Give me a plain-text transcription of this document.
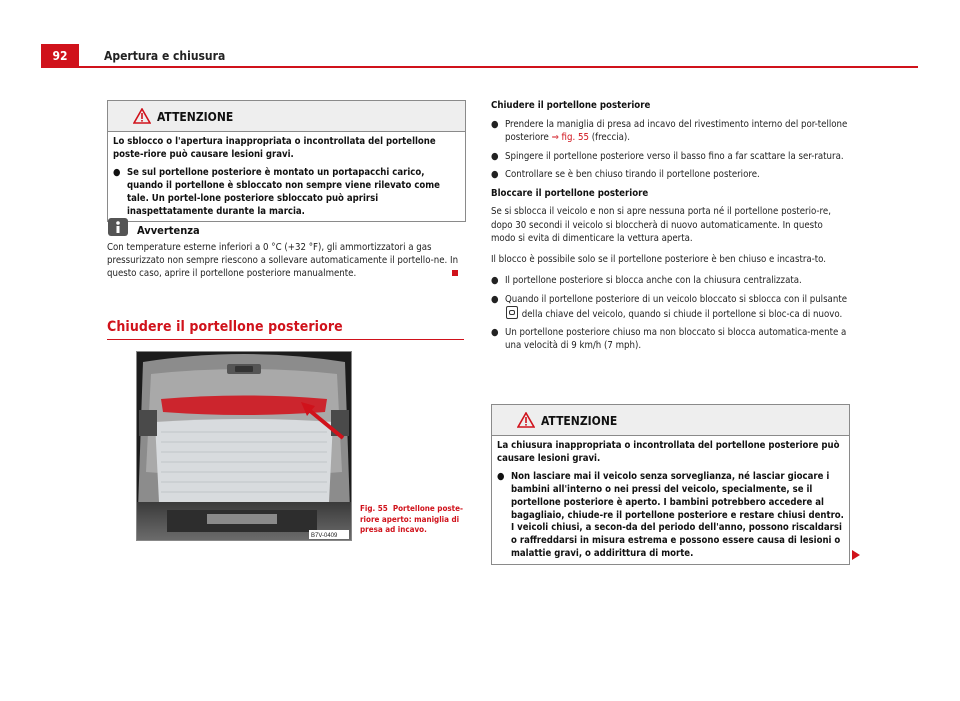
92	Apertura e chiusura
ATTENZIONE

Lo sblocco o l'apertura inappropriata o incontrollata del portellone poste-riore può causare lesioni gravi.

● Se sul portellone posteriore è montato un portapacchi carico, quando il portellone è sbloccato non sempre viene rilevato come tale. Un portel-lone posteriore sbloccato può aprirsi inaspettatamente durante la marcia.

Avvertenza
Con temperature esterne inferiori a 0 °C (+32 °F), gli ammortizzatori a gas pressurizzato non sempre riescono a sollevare automaticamente il portello-ne. In questo caso, aprire il portellone posteriore manualmente.
Chiudere il portellone posteriore
B7V-0409
Fig. 55 Portellone poste-riore aperto: maniglia di presa ad incavo.

Chiudere il portellone posteriore

● Prendere la maniglia di presa ad incavo del rivestimento interno del por-tellone posteriore ⇒ fig. 55 (freccia).

● Spingere il portellone posteriore verso il basso fino a far scattare la ser-ratura.

● Controllare se è ben chiuso tirando il portellone posteriore.

Bloccare il portellone posteriore

Se si sblocca il veicolo e non si apre nessuna porta né il portellone posterio-re, dopo 30 secondi il veicolo si bloccherà di nuovo automaticamente. In questo modo si evita di dimenticare la vettura aperta.

Il blocco è possibile solo se il portellone posteriore è ben chiuso e incastra-to.

● Il portellone posteriore si blocca anche con la chiusura centralizzata.

● Quando il portellone posteriore di un veicolo bloccato si sblocca con il pulsante  della chiave del veicolo, quando si chiude il portellone si bloc-ca di nuovo.

● Un portellone posteriore chiuso ma non bloccato si blocca automatica-mente a una velocità di 9 km/h (7 mph).

ATTENZIONE

La chiusura inappropriata o incontrollata del portellone posteriore può causare lesioni gravi.

● Non lasciare mai il veicolo senza sorveglianza, né lasciar giocare i bambini all'interno o nei pressi del veicolo, specialmente, se il portellone posteriore è aperto. I bambini potrebbero accedere al bagagliaio, chiude-re il portellone posteriore e restare chiusi dentro. I veicoli chiusi, a secon-da del periodo dell'anno, possono riscaldarsi o raffreddarsi in misura estrema e possono essere causa di lesioni o malattie gravi, o addirittura di morte.
